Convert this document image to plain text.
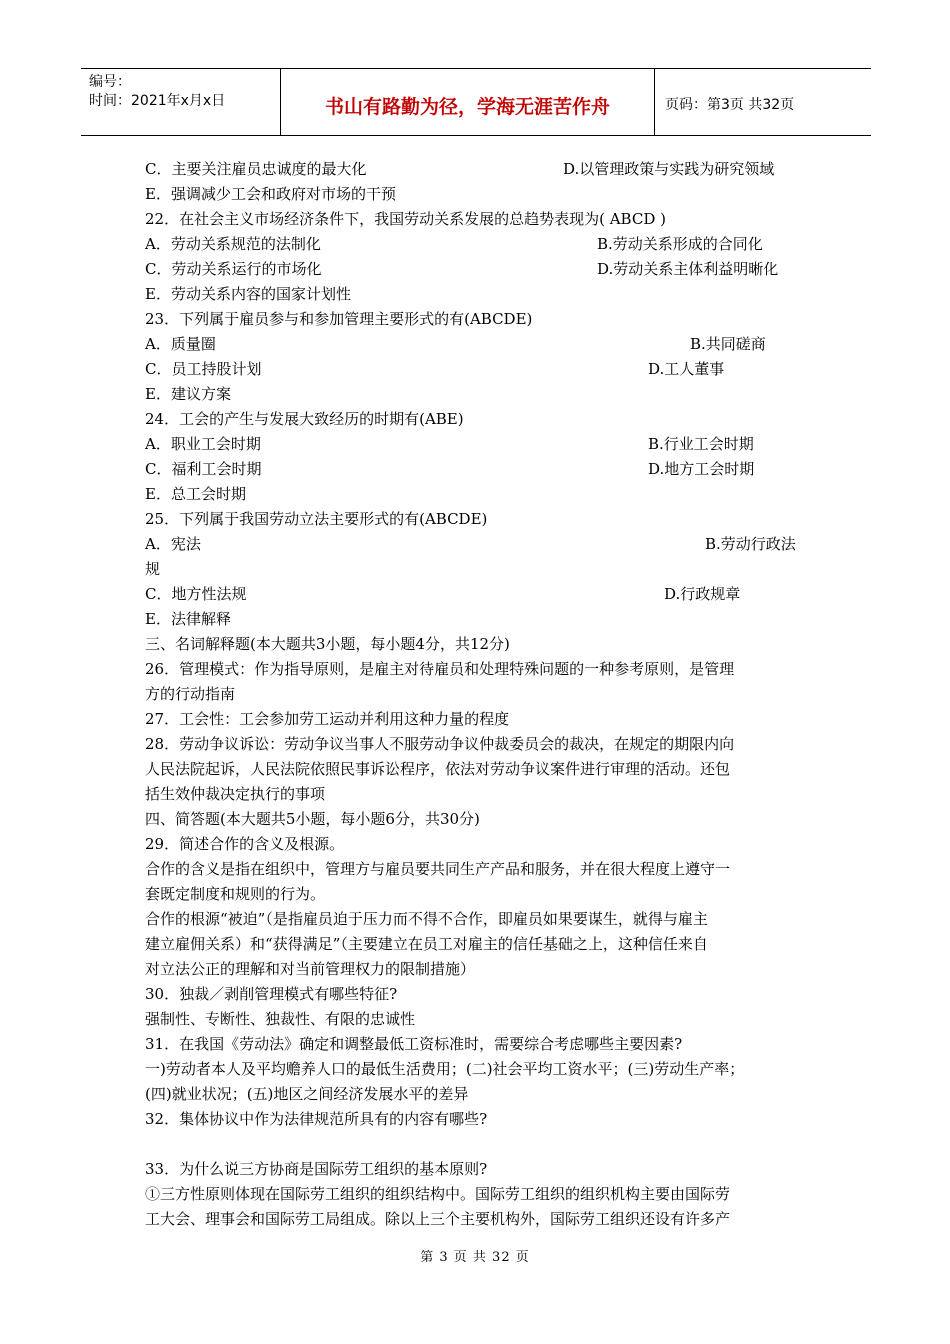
编号：
时间：2021年x月x日	书山有路勤为径，学海无涯苦作舟	页码：第3页 共32页
C．主要关注雇员忠诚度的最大化	D.以管理政策与实践为研究领域
E．强调减少工会和政府对市场的干预
22．在社会主义市场经济条件下，我国劳动关系发展的总趋势表现为( ABCD )
A．劳动关系规范的法制化	B.劳动关系形成的合同化
C．劳动关系运行的市场化	D.劳动关系主体利益明晰化
E．劳动关系内容的国家计划性
23．下列属于雇员参与和参加管理主要形式的有(ABCDE)
A．质量圈	B.共同磋商
C．员工持股计划	D.工人董事
E．建议方案
24．工会的产生与发展大致经历的时期有(ABE)
A．职业工会时期	B.行业工会时期
C．福利工会时期	D.地方工会时期
E．总工会时期
25．下列属于我国劳动立法主要形式的有(ABCDE)
A．宪法	B.劳动行政法
规
C．地方性法规	D.行政规章
E．法律解释
三、名词解释题(本大题共3小题，每小题4分，共12分)
26．管理模式：作为指导原则，是雇主对待雇员和处理特殊问题的一种参考原则，是管理
方的行动指南
27．工会性：工会参加劳工运动并利用这种力量的程度
28．劳动争议诉讼：劳动争议当事人不服劳动争议仲裁委员会的裁决，在规定的期限内向
人民法院起诉，人民法院依照民事诉讼程序，依法对劳动争议案件进行审理的活动。还包
括生效仲裁决定执行的事项
四、简答题(本大题共5小题，每小题6分，共30分)
29．简述合作的含义及根源。
合作的含义是指在组织中，管理方与雇员要共同生产产品和服务，并在很大程度上遵守一
套既定制度和规则的行为。
合作的根源“被迫”（是指雇员迫于压力而不得不合作，即雇员如果要谋生，就得与雇主
建立雇佣关系）和“获得满足”（主要建立在员工对雇主的信任基础之上，这种信任来自
对立法公正的理解和对当前管理权力的限制措施）
30．独裁／剥削管理模式有哪些特征?
强制性、专断性、独裁性、有限的忠诚性
31．在我国《劳动法》确定和调整最低工资标准时，需要综合考虑哪些主要因素?
一)劳动者本人及平均赡养人口的最低生活费用；(二)社会平均工资水平；(三)劳动生产率；
(四)就业状况；(五)地区之间经济发展水平的差异
32．集体协议中作为法律规范所具有的内容有哪些?
33．为什么说三方协商是国际劳工组织的基本原则?
①三方性原则体现在国际劳工组织的组织结构中。国际劳工组织的组织机构主要由国际劳
工大会、理事会和国际劳工局组成。除以上三个主要机构外，国际劳工组织还设有许多产
第 3 页 共 32 页
